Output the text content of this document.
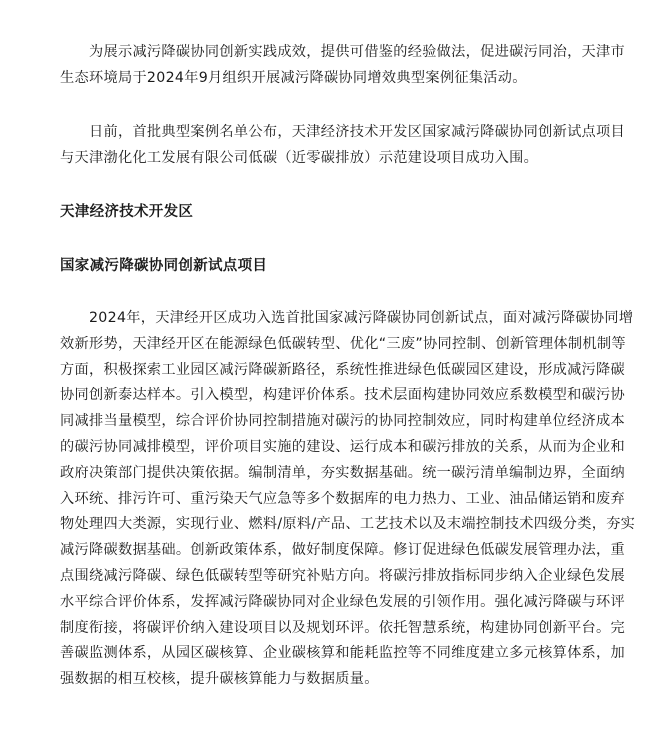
　　为展示减污降碳协同创新实践成效，提供可借鉴的经验做法，促进碳污同治，天津市生态环境局于2024年9月组织开展减污降碳协同增效典型案例征集活动。

　　日前，首批典型案例名单公布，天津经济技术开发区国家减污降碳协同创新试点项目与天津渤化化工发展有限公司低碳（近零碳排放）示范建设项目成功入围。

天津经济技术开发区
国家减污降碳协同创新试点项目

　　2024年，天津经开区成功入选首批国家减污降碳协同创新试点，面对减污降碳协同增效新形势，天津经开区在能源绿色低碳转型、优化“三废”协同控制、创新管理体制机制等方面，积极探索工业园区减污降碳新路径，系统性推进绿色低碳园区建设，形成减污降碳协同创新泰达样本。引入模型，构建评价体系。技术层面构建协同效应系数模型和碳污协同减排当量模型，综合评价协同控制措施对碳污的协同控制效应，同时构建单位经济成本的碳污协同减排模型，评价项目实施的建设、运行成本和碳污排放的关系，从而为企业和政府决策部门提供决策依据。编制清单，夯实数据基础。统一碳污清单编制边界，全面纳入环统、排污许可、重污染天气应急等多个数据库的电力热力、工业、油品储运销和废弃物处理四大类源，实现行业、燃料/原料/产品、工艺技术以及末端控制技术四级分类，夯实减污降碳数据基础。创新政策体系，做好制度保障。修订促进绿色低碳发展管理办法，重点围绕减污降碳、绿色低碳转型等研究补贴方向。将碳污排放指标同步纳入企业绿色发展水平综合评价体系，发挥减污降碳协同对企业绿色发展的引领作用。强化减污降碳与环评制度衔接，将碳评价纳入建设项目以及规划环评。依托智慧系统，构建协同创新平台。完善碳监测体系，从园区碳核算、企业碳核算和能耗监控等不同维度建立多元核算体系，加强数据的相互校核，提升碳核算能力与数据质量。
